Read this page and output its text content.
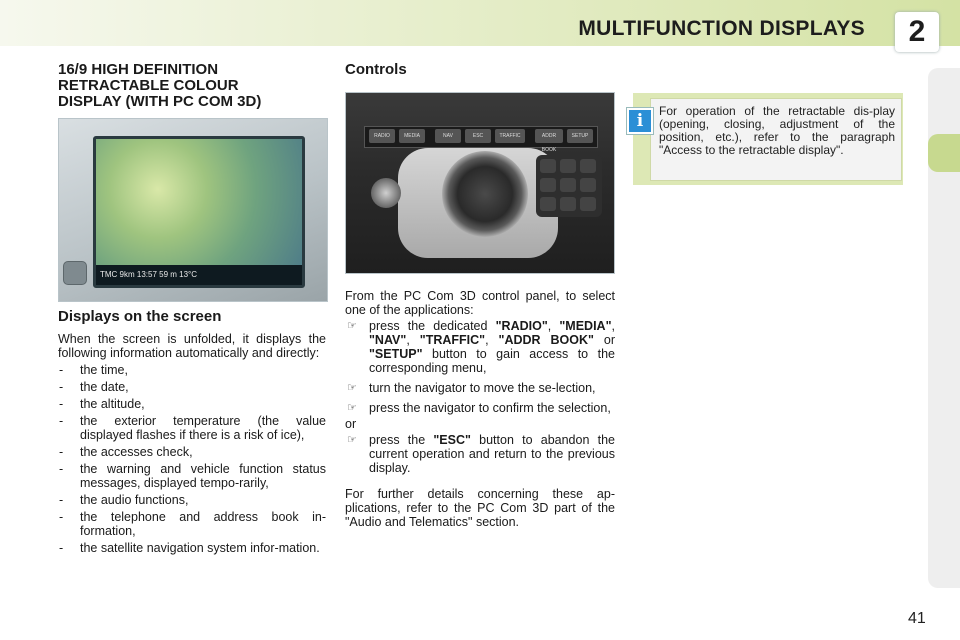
MULTIFUNCTION DISPLAYS	2
16/9 HIGH DEFINITION RETRACTABLE COLOUR DISPLAY (WITH PC COM 3D)
TMC 9km 13:57 59 m 13°C
Displays on the screen

When the screen is unfolded, it displays the following information automatically and directly:

- the time,
- the date,
- the altitude,
- the exterior temperature (the value displayed flashes if there is a risk of ice),
- the accesses check,
- the warning and vehicle function status messages, displayed tempo-rarily,
- the audio functions,
- the telephone and address book in-formation,
- the satellite navigation system infor-mation.
Controls
RADIO	MEDIA	NAV	ESC	TRAFFIC	ADDR BOOK
SETUP

From the PC Com 3D control panel, to select one of the applications:

☞ press the dedicated "RADIO", "MEDIA", "NAV", "TRAFFIC", "ADDR BOOK" or "SETUP" button to gain access to the corresponding menu,
☞ turn the navigator to move the se-lection,
☞ press the navigator to confirm the selection,

or

☞ press the "ESC" button to abandon the current operation and return to the previous display.

For further details concerning these ap-plications, refer to the PC Com 3D part of the "Audio and Telematics" section.

For operation of the retractable dis-play (opening, closing, adjustment of the position, etc.), refer to the paragraph "Access to the retractable display".
i
41
